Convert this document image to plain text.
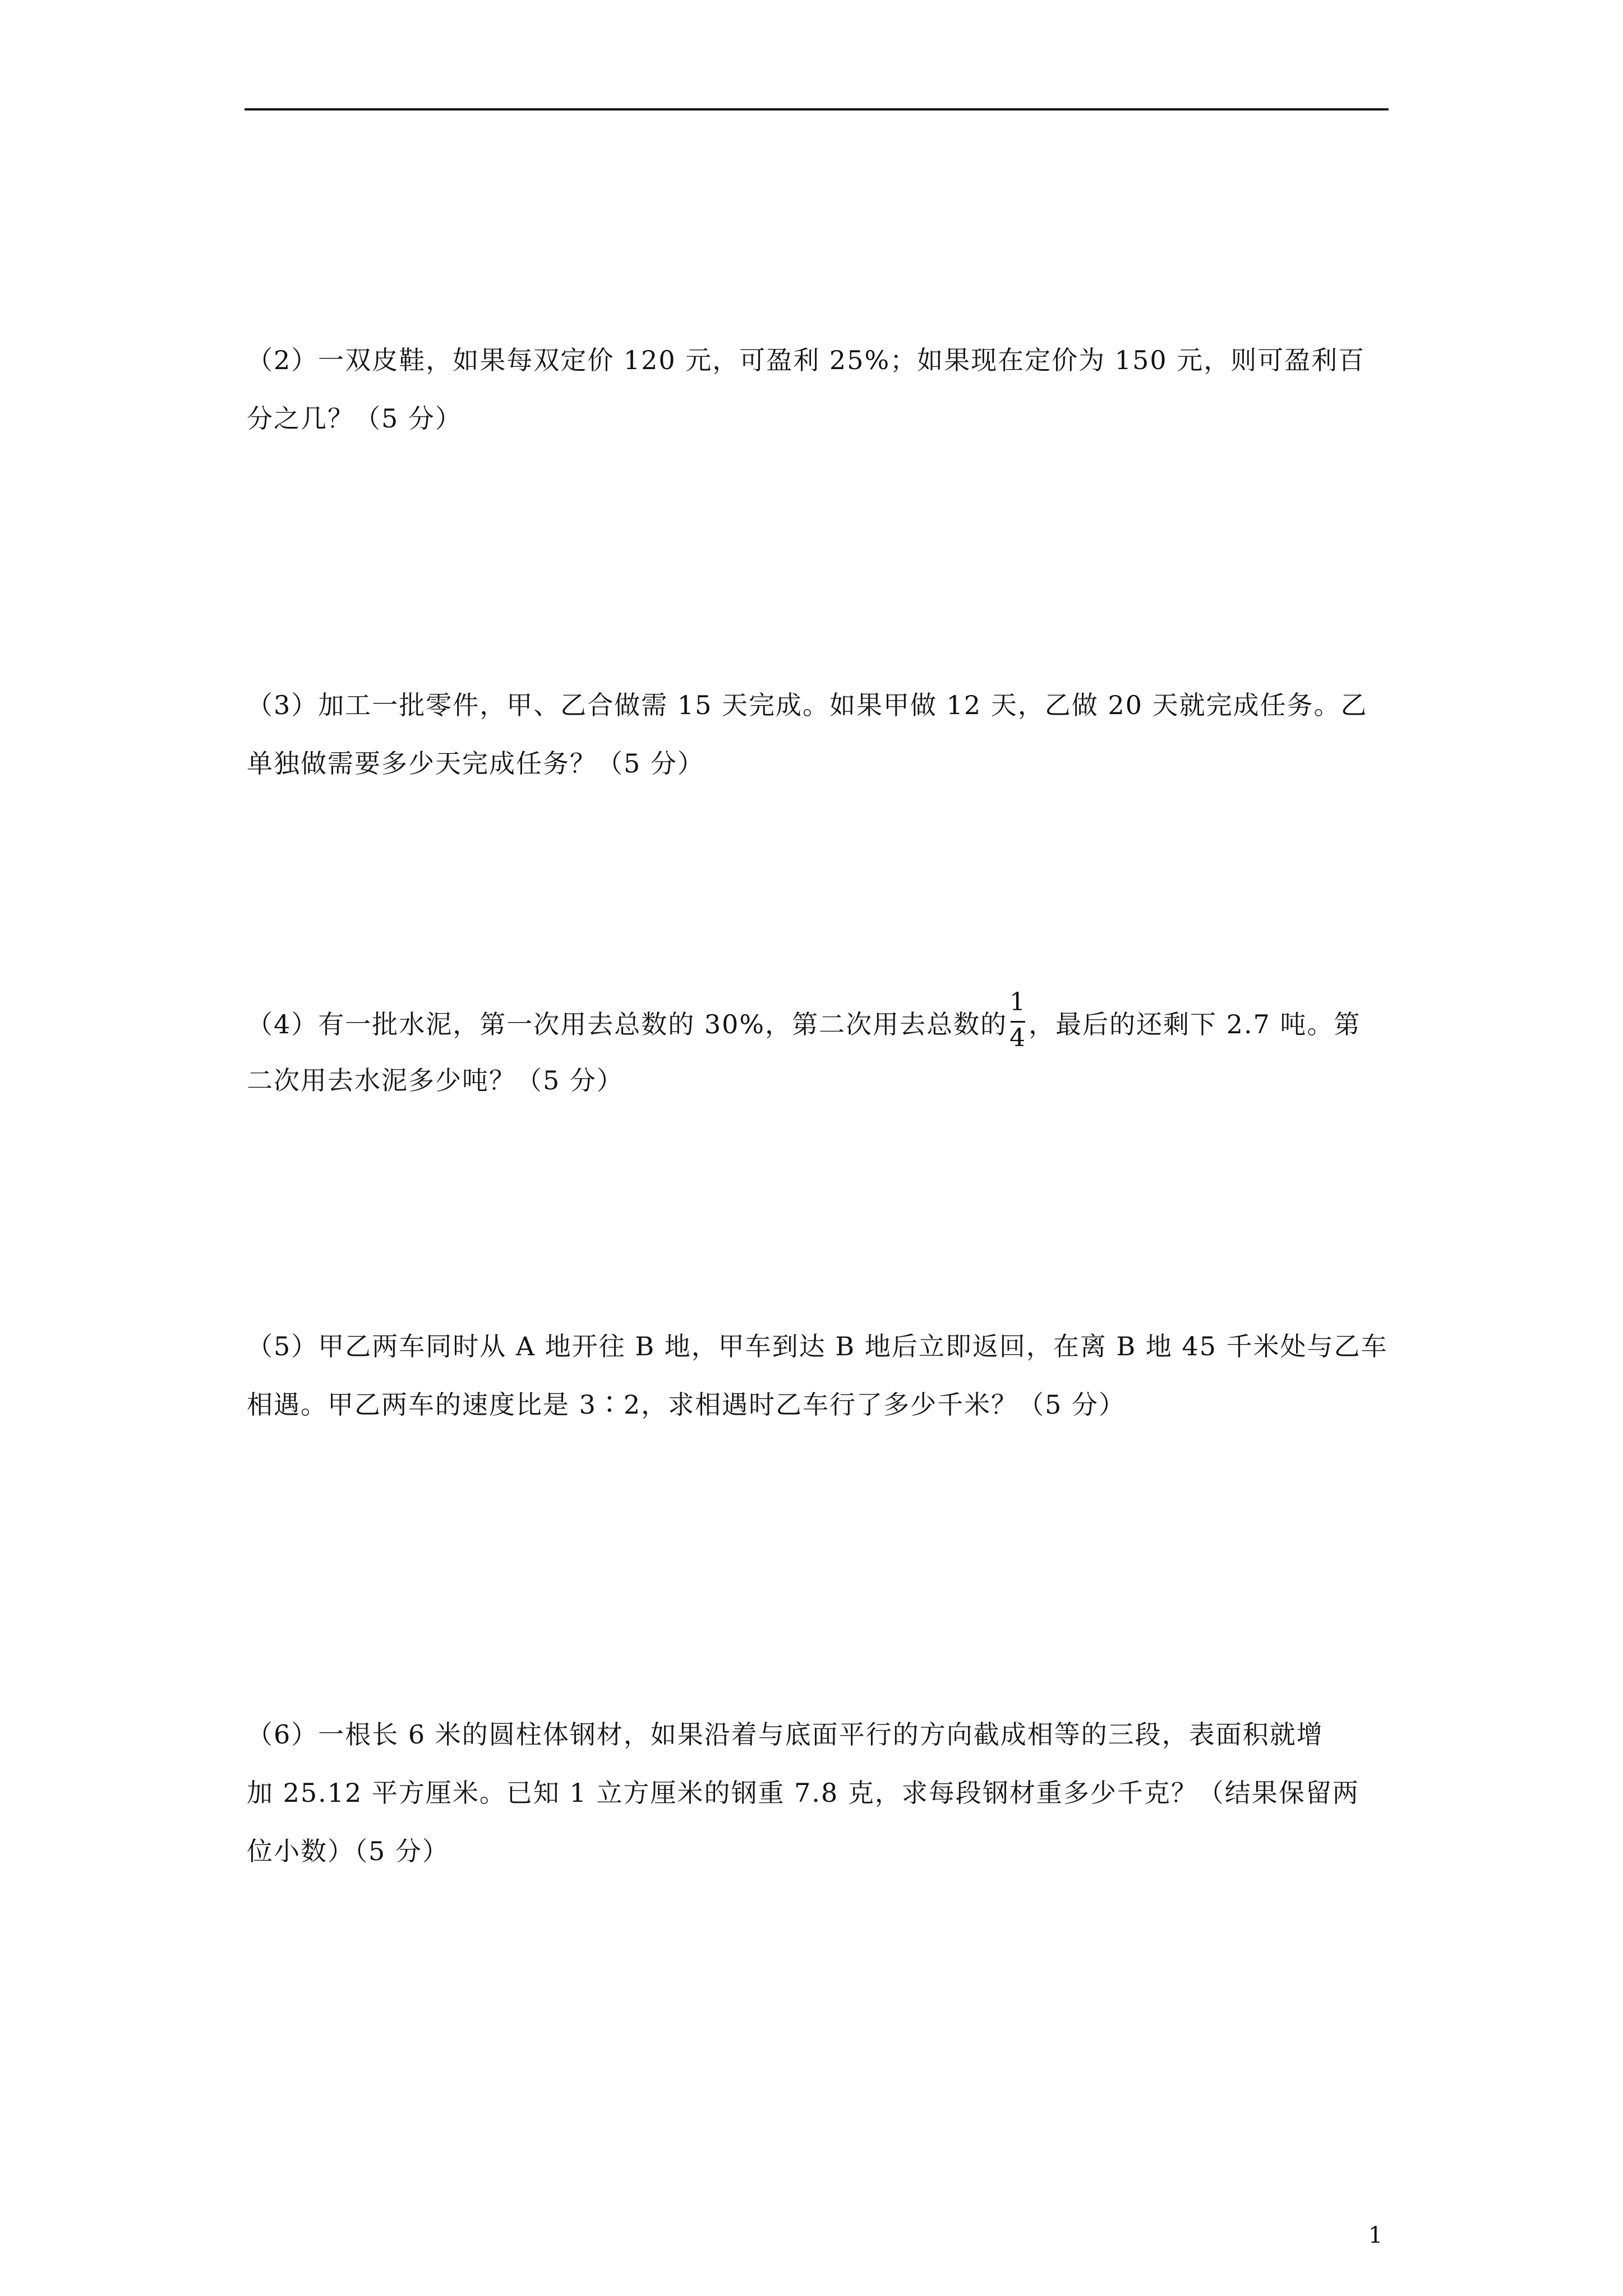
（2）一双皮鞋，如果每双定价 120 元，可盈利 25%；如果现在定价为 150 元，则可盈利百
分之几？（5 分）
（3）加工一批零件，甲、乙合做需 15 天完成。如果甲做 12 天，乙做 20 天就完成任务。乙
单独做需要多少天完成任务？（5 分）
（4）有一批水泥，第一次用去总数的 30%，第二次用去总数的 $\frac{1}{4}$ ，最后的还剩下 2.7 吨。第
二次用去水泥多少吨？（5 分）
（5）甲乙两车同时从 A 地开往 B 地，甲车到达 B 地后立即返回，在离 B 地 45 千米处与乙车
相遇。甲乙两车的速度比是 3∶2，求相遇时乙车行了多少千米？（5 分）
（6）一根长 6 米的圆柱体钢材，如果沿着与底面平行的方向截成相等的三段，表面积就增
加 25.12 平方厘米。已知 1 立方厘米的钢重 7.8 克，求每段钢材重多少千克？（结果保留两
位小数）（5 分）
1
